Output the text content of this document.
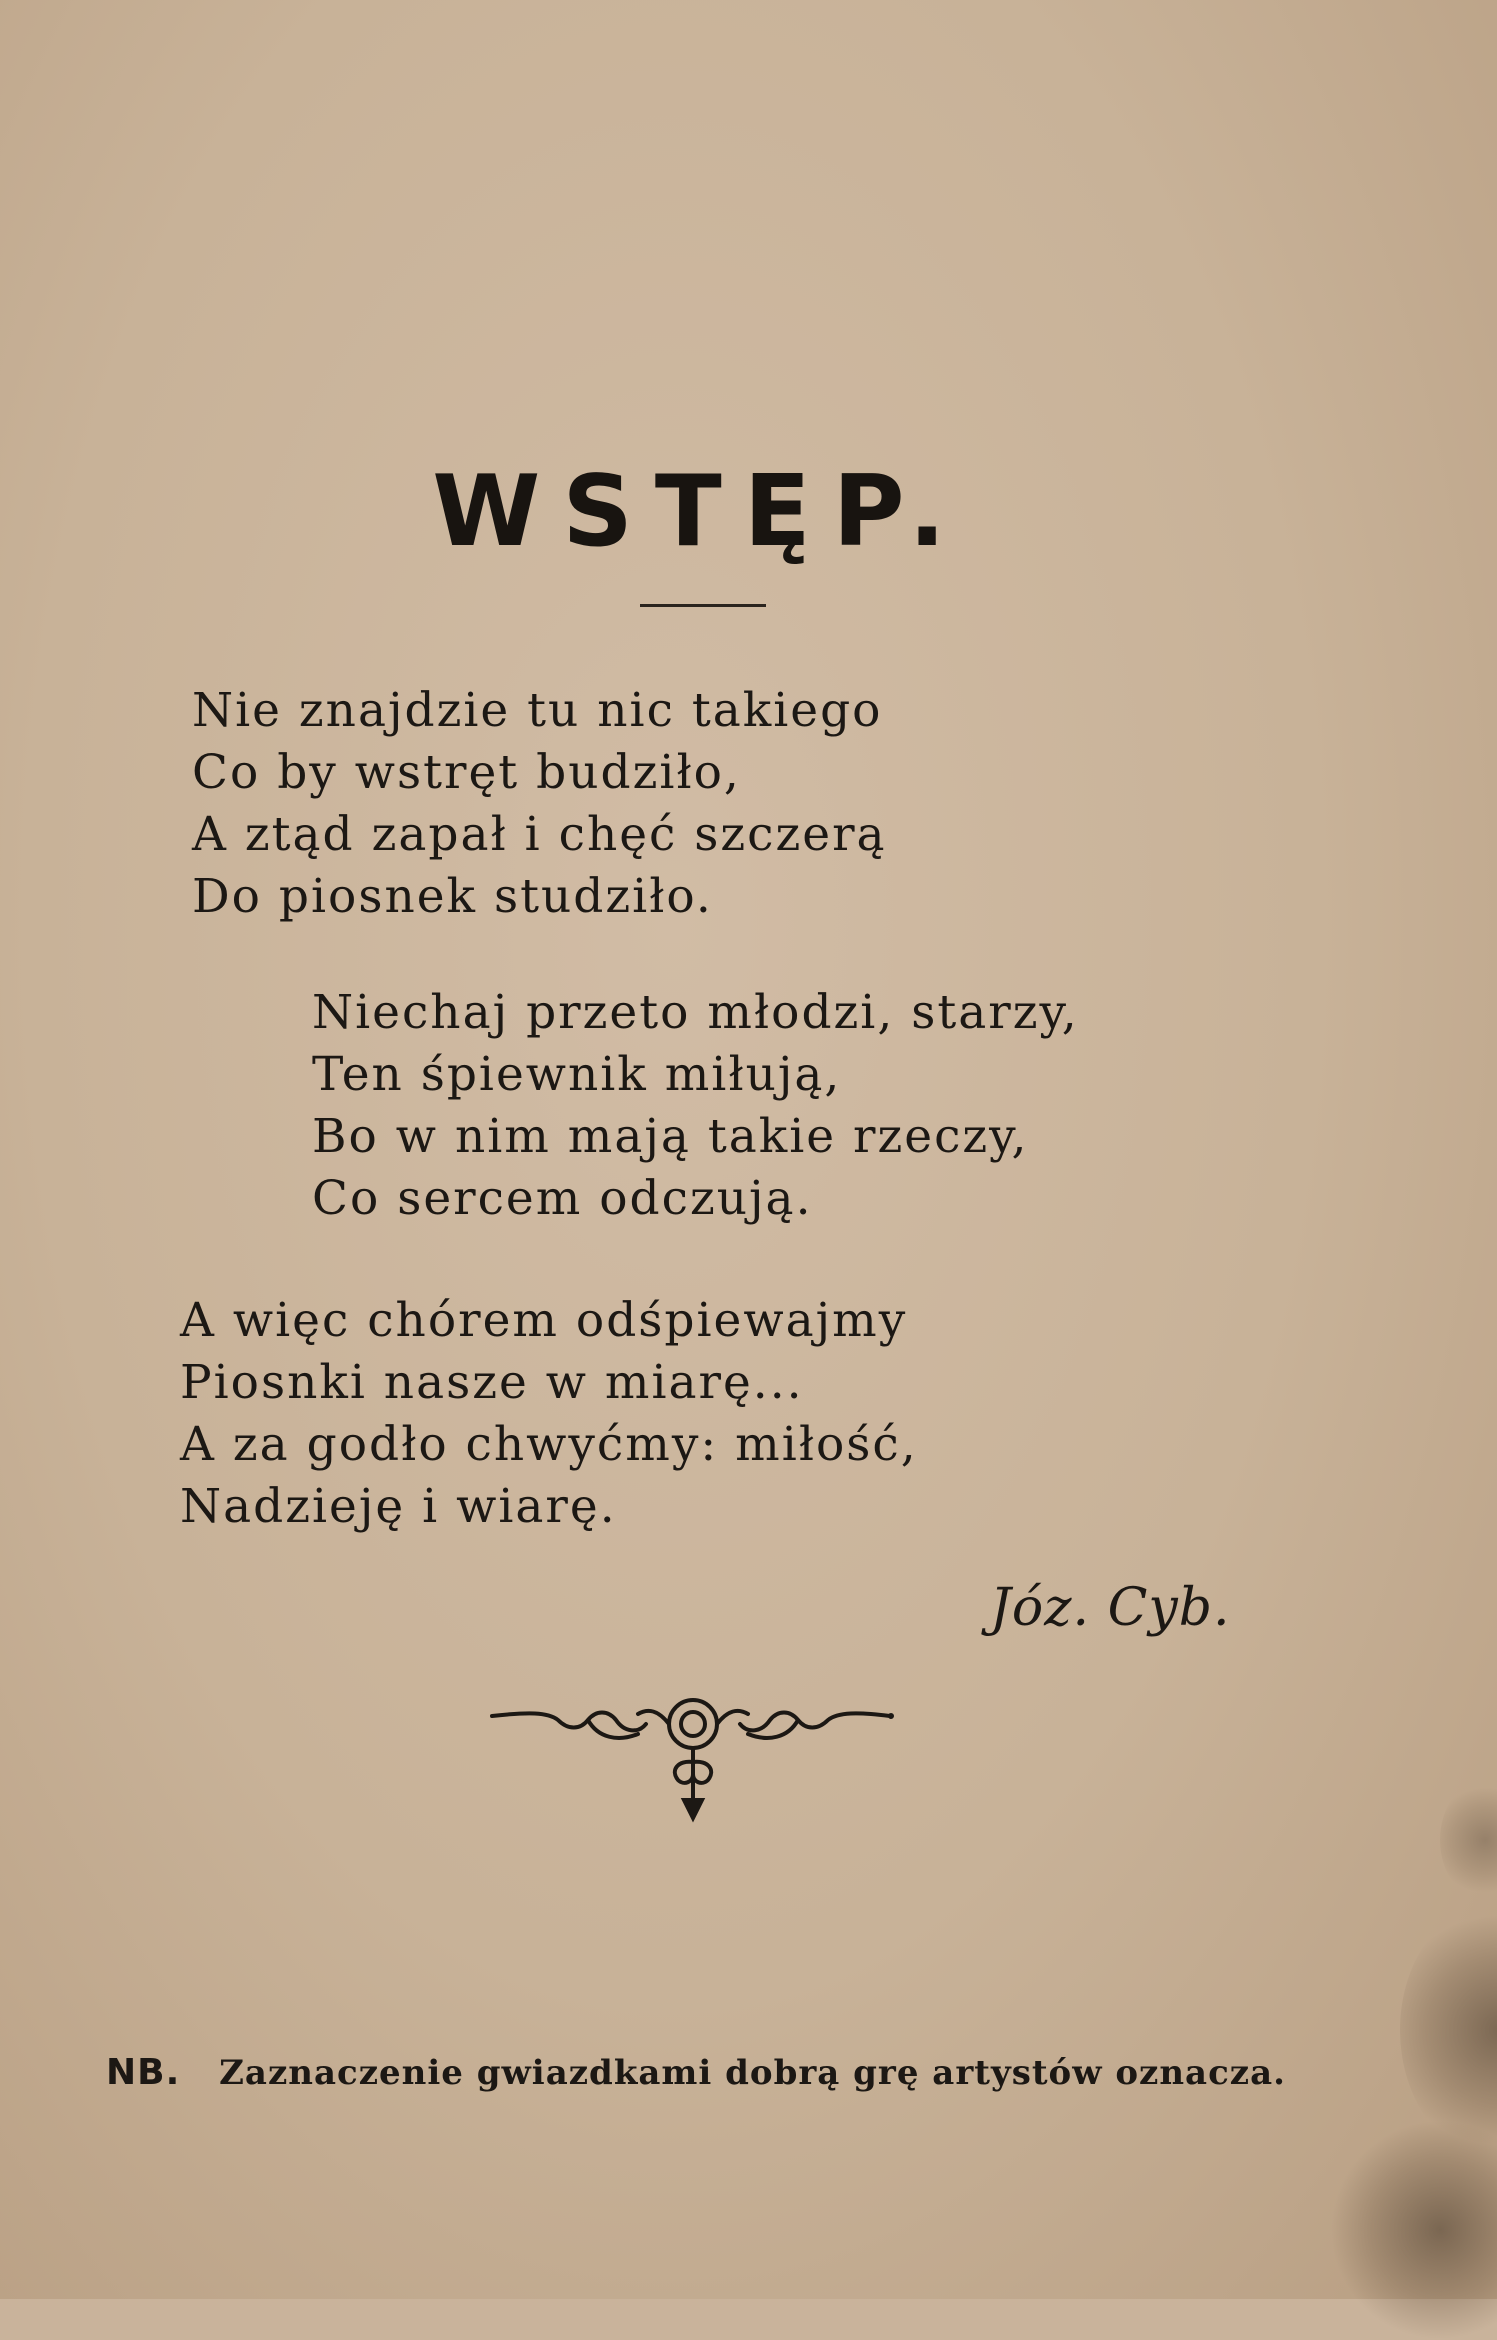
WSTĘP.
Nie znajdzie tu nic takiego
Co by wstręt budziło,
A ztąd zapał i chęć szczerą
Do piosnek studziło.
Niechaj przeto młodzi, starzy,
Ten śpiewnik miłują,
Bo w nim mają takie rzeczy,
Co sercem odczują.
A więc chórem odśpiewajmy
Piosnki nasze w miarę...
A za godło chwyćmy: miłość,
Nadzieję i wiarę.
Józ. Cyb.
NB. Zaznaczenie gwiazdkami dobrą grę artystów oznacza.
